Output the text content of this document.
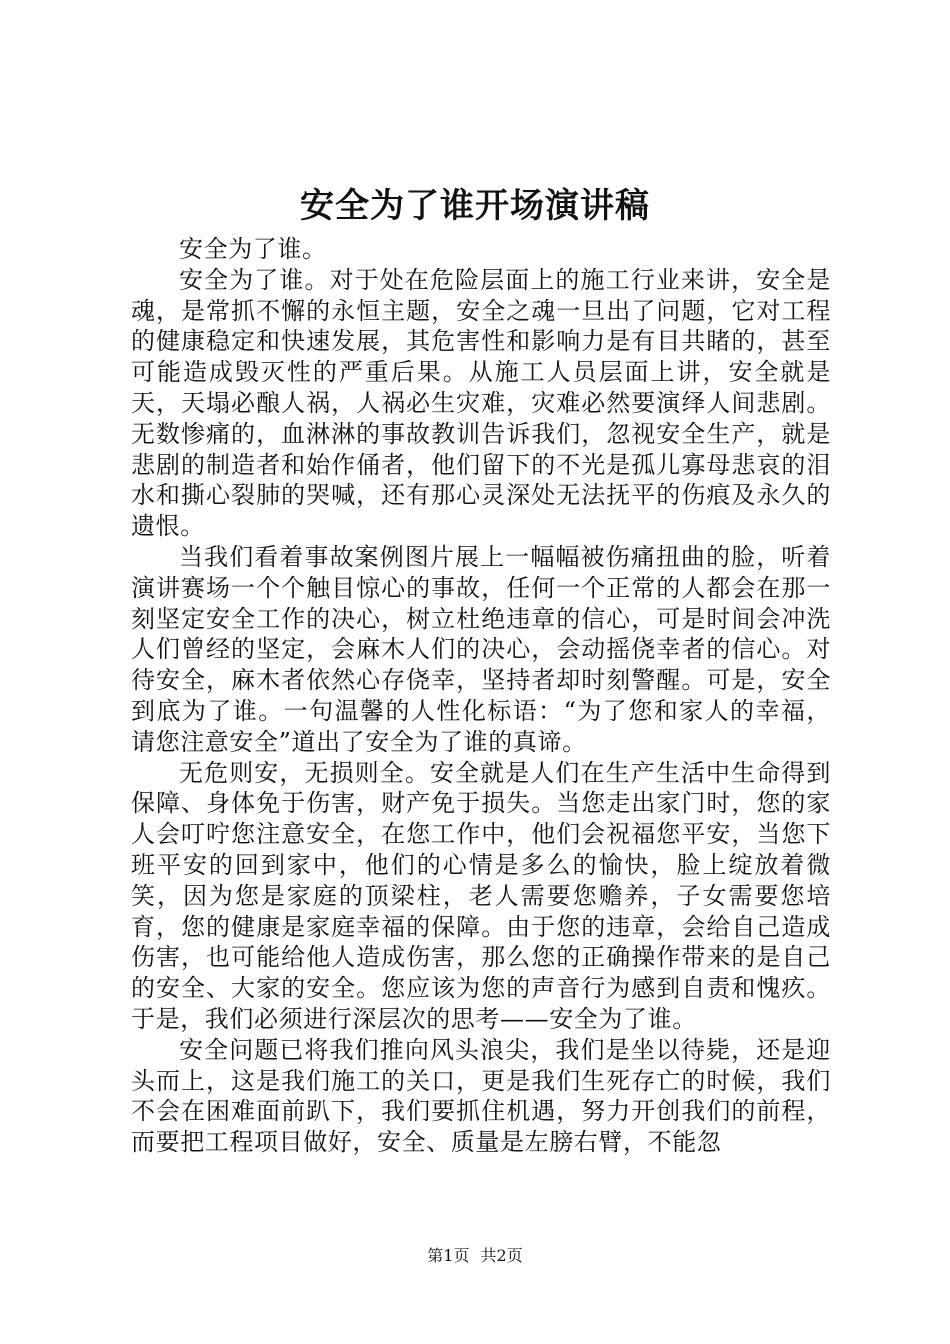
安全为了谁开场演讲稿

安全为了谁。

安全为了谁。对于处在危险层面上的施工行业来讲，安全是魂，是常抓不懈的永恒主题，安全之魂一旦出了问题，它对工程的健康稳定和快速发展，其危害性和影响力是有目共睹的，甚至可能造成毁灭性的严重后果。从施工人员层面上讲，安全就是天，天塌必酿人祸，人祸必生灾难，灾难必然要演绎人间悲剧。无数惨痛的，血淋淋的事故教训告诉我们，忽视安全生产，就是悲剧的制造者和始作俑者，他们留下的不光是孤儿寡母悲哀的泪水和撕心裂肺的哭喊，还有那心灵深处无法抚平的伤痕及永久的遗恨。

当我们看着事故案例图片展上一幅幅被伤痛扭曲的脸，听着演讲赛场一个个触目惊心的事故，任何一个正常的人都会在那一刻坚定安全工作的决心，树立杜绝违章的信心，可是时间会冲洗人们曾经的坚定，会麻木人们的决心，会动摇侥幸者的信心。对待安全，麻木者依然心存侥幸，坚持者却时刻警醒。可是，安全到底为了谁。一句温馨的人性化标语：“为了您和家人的幸福，请您注意安全”道出了安全为了谁的真谛。

无危则安，无损则全。安全就是人们在生产生活中生命得到保障、身体免于伤害，财产免于损失。当您走出家门时，您的家人会叮咛您注意安全，在您工作中，他们会祝福您平安，当您下班平安的回到家中，他们的心情是多么的愉快，脸上绽放着微笑，因为您是家庭的顶梁柱，老人需要您赡养，子女需要您培育，您的健康是家庭幸福的保障。由于您的违章，会给自己造成伤害，也可能给他人造成伤害，那么您的正确操作带来的是自己的安全、大家的安全。您应该为您的声音行为感到自责和愧疚。于是，我们必须进行深层次的思考——安全为了谁。

安全问题已将我们推向风头浪尖，我们是坐以待毙，还是迎头而上，这是我们施工的关口，更是我们生死存亡的时候，我们不会在困难面前趴下，我们要抓住机遇，努力开创我们的前程，而要把工程项目做好，安全、质量是左膀右臂，不能忽

第1页 共2页
